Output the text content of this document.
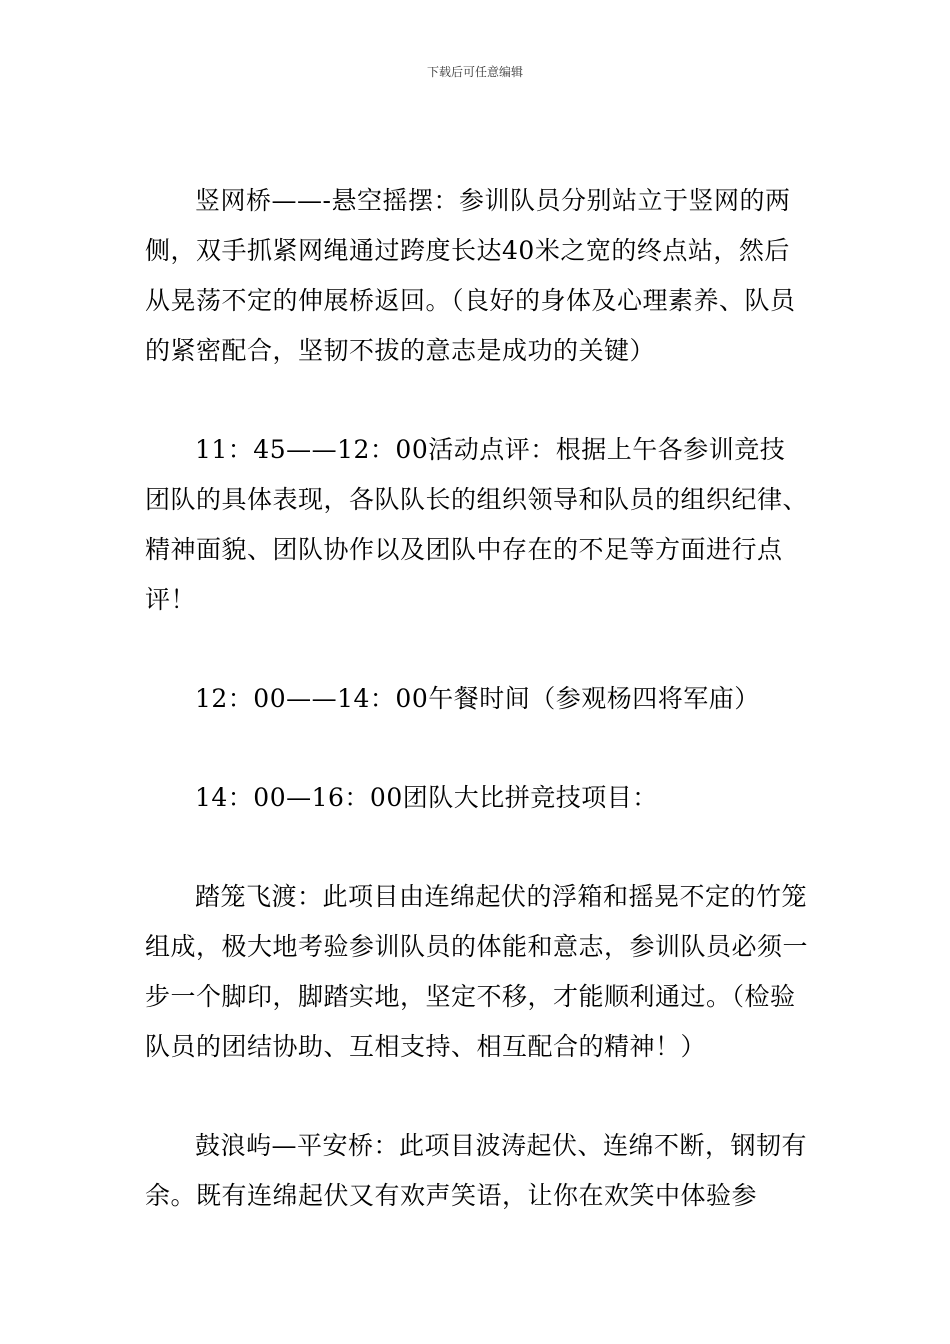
下载后可任意编辑

竖网桥——-悬空摇摆：参训队员分别站立于竖网的两侧，双手抓紧网绳通过跨度长达40米之宽的终点站，然后从晃荡不定的伸展桥返回。（良好的身体及心理素养、队员的紧密配合，坚韧不拔的意志是成功的关键）

11：45——12：00活动点评：根据上午各参训竞技团队的具体表现，各队队长的组织领导和队员的组织纪律、精神面貌、团队协作以及团队中存在的不足等方面进行点评！

12：00——14：00午餐时间（参观杨四将军庙）

14：00—16：00团队大比拼竞技项目：

踏笼飞渡：此项目由连绵起伏的浮箱和摇晃不定的竹笼组成，极大地考验参训队员的体能和意志，参训队员必须一步一个脚印，脚踏实地，坚定不移，才能顺利通过。（检验队员的团结协助、互相支持、相互配合的精神！）

鼓浪屿—平安桥：此项目波涛起伏、连绵不断，钢韧有余。既有连绵起伏又有欢声笑语，让你在欢笑中体验参
